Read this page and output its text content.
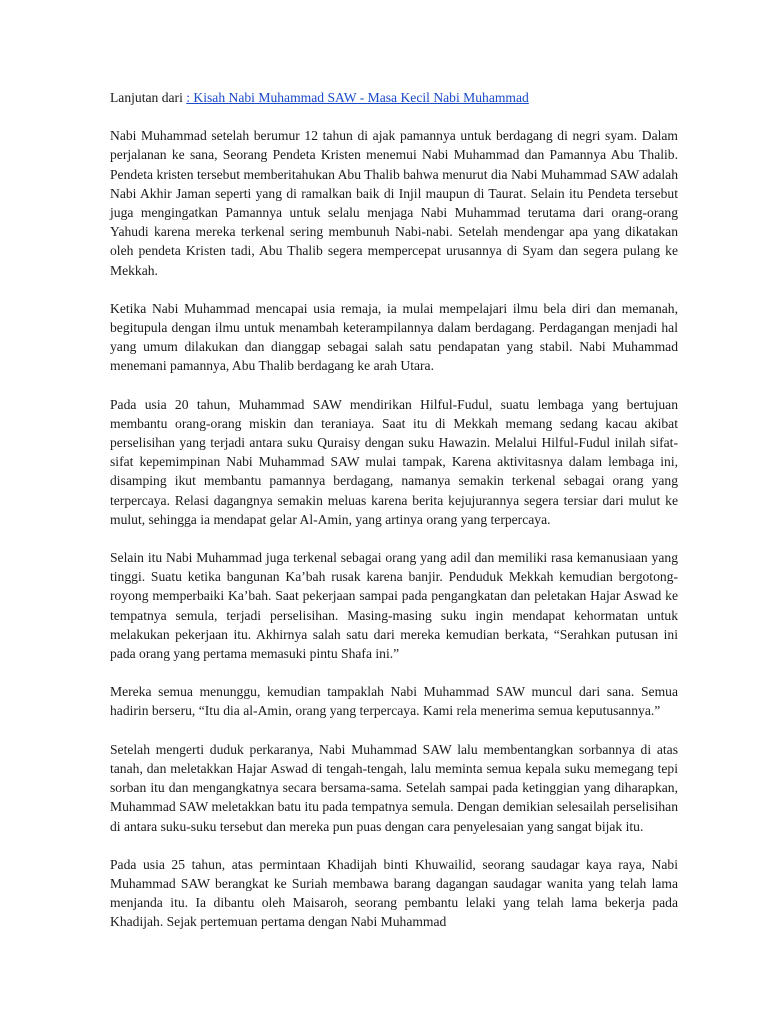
Lanjutan dari : Kisah Nabi Muhammad SAW - Masa Kecil Nabi Muhammad

Nabi Muhammad setelah berumur 12 tahun di ajak pamannya untuk berdagang di negri syam. Dalam perjalanan ke sana, Seorang Pendeta Kristen menemui Nabi Muhammad dan Pamannya Abu Thalib. Pendeta kristen tersebut memberitahukan Abu Thalib bahwa menurut dia Nabi Muhammad SAW adalah Nabi Akhir Jaman seperti yang di ramalkan baik di Injil maupun di Taurat. Selain itu Pendeta tersebut juga mengingatkan Pamannya untuk selalu menjaga Nabi Muhammad terutama dari orang-orang Yahudi karena mereka terkenal sering membunuh Nabi-nabi. Setelah mendengar apa yang dikatakan oleh pendeta Kristen tadi, Abu Thalib segera mempercepat urusannya di Syam dan segera pulang ke Mekkah.

Ketika Nabi Muhammad mencapai usia remaja, ia mulai mempelajari ilmu bela diri dan memanah, begitupula dengan ilmu untuk menambah keterampilannya dalam berdagang. Perdagangan menjadi hal yang umum dilakukan dan dianggap sebagai salah satu pendapatan yang stabil. Nabi Muhammad menemani pamannya, Abu Thalib berdagang ke arah Utara.

Pada usia 20 tahun, Muhammad SAW mendirikan Hilful-Fudul, suatu lembaga yang bertujuan membantu orang-orang miskin dan teraniaya. Saat itu di Mekkah memang sedang kacau akibat perselisihan yang terjadi antara suku Quraisy dengan suku Hawazin. Melalui Hilful-Fudul inilah sifat-sifat kepemimpinan Nabi Muhammad SAW mulai tampak, Karena aktivitasnya dalam lembaga ini, disamping ikut membantu pamannya berdagang, namanya semakin terkenal sebagai orang yang terpercaya. Relasi dagangnya semakin meluas karena berita kejujurannya segera tersiar dari mulut ke mulut, sehingga ia mendapat gelar Al-Amin, yang artinya orang yang terpercaya.

Selain itu Nabi Muhammad juga terkenal sebagai orang yang adil dan memiliki rasa kemanusiaan yang tinggi. Suatu ketika bangunan Ka’bah rusak karena banjir. Penduduk Mekkah kemudian bergotong-royong memperbaiki Ka’bah. Saat pekerjaan sampai pada pengangkatan dan peletakan Hajar Aswad ke tempatnya semula, terjadi perselisihan. Masing-masing suku ingin mendapat kehormatan untuk melakukan pekerjaan itu. Akhirnya salah satu dari mereka kemudian berkata, “Serahkan putusan ini pada orang yang pertama memasuki pintu Shafa ini.”

Mereka semua menunggu, kemudian tampaklah Nabi Muhammad SAW muncul dari sana. Semua hadirin berseru, “Itu dia al-Amin, orang yang terpercaya. Kami rela menerima semua keputusannya.”

Setelah mengerti duduk perkaranya, Nabi Muhammad SAW lalu membentangkan sorbannya di atas tanah, dan meletakkan Hajar Aswad di tengah-tengah, lalu meminta semua kepala suku memegang tepi sorban itu dan mengangkatnya secara bersama-sama. Setelah sampai pada ketinggian yang diharapkan, Muhammad SAW meletakkan batu itu pada tempatnya semula. Dengan demikian selesailah perselisihan di antara suku-suku tersebut dan mereka pun puas dengan cara penyelesaian yang sangat bijak itu.

Pada usia 25 tahun, atas permintaan Khadijah binti Khuwailid, seorang saudagar kaya raya, Nabi Muhammad SAW berangkat ke Suriah membawa barang dagangan saudagar wanita yang telah lama menjanda itu. Ia dibantu oleh Maisaroh, seorang pembantu lelaki yang telah lama bekerja pada Khadijah. Sejak pertemuan pertama dengan Nabi Muhammad
